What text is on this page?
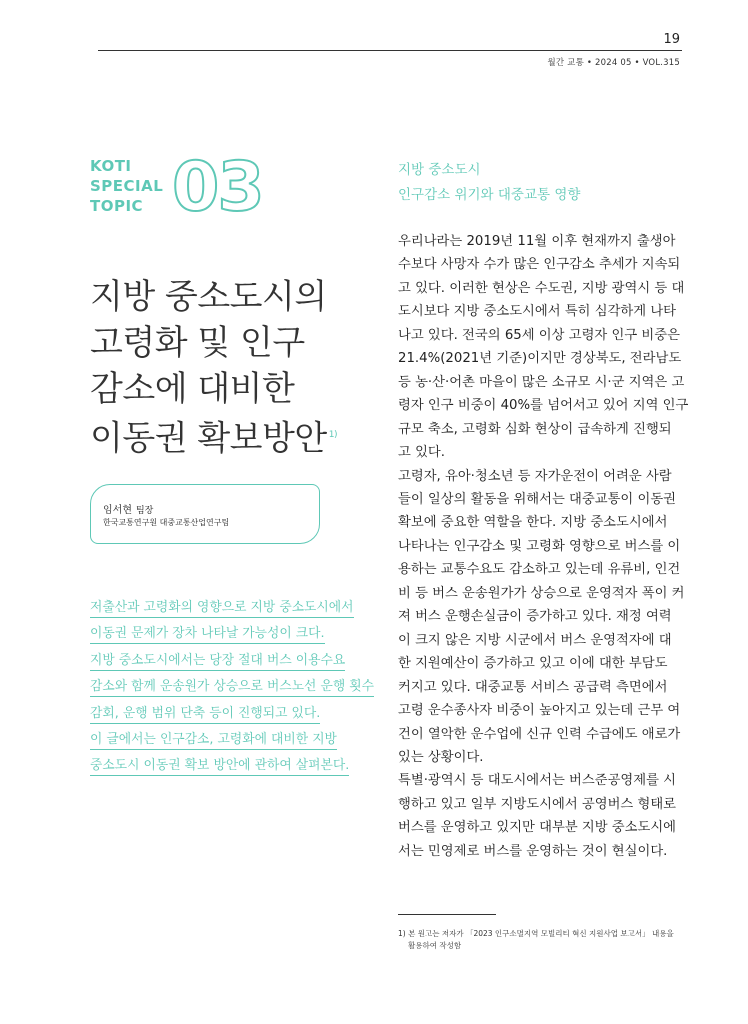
19
월간 교통 • 2024 05 • VOL.315
KOTI
SPECIAL
TOPIC 03
지방 중소도시의
고령화 및 인구
감소에 대비한
이동권 확보방안 $^{1)}$
임서현 팀장
한국교통연구원 대중교통산업연구팀
저출산과 고령화의 영향으로 지방 중소도시에서
이동권 문제가 장차 나타날 가능성이 크다.
지방 중소도시에서는 당장 절대 버스 이용수요
감소와 함께 운송원가 상승으로 버스노선 운행 횟수
감회, 운행 범위 단축 등이 진행되고 있다.
이 글에서는 인구감소, 고령화에 대비한 지방
중소도시 이동권 확보 방안에 관하여 살펴본다.
지방 중소도시
인구감소 위기와 대중교통 영향
우리나라는 2019년 11월 이후 현재까지 출생아
수보다 사망자 수가 많은 인구감소 추세가 지속되
고 있다. 이러한 현상은 수도권, 지방 광역시 등 대
도시보다 지방 중소도시에서 특히 심각하게 나타
나고 있다. 전국의 65세 이상 고령자 인구 비중은
21.4%(2021년 기준)이지만 경상북도, 전라남도
등 농·산·어촌 마을이 많은 소규모 시·군 지역은 고
령자 인구 비중이 40%를 넘어서고 있어 지역 인구
규모 축소, 고령화 심화 현상이 급속하게 진행되
고 있다.
고령자, 유아·청소년 등 자가운전이 어려운 사람
들이 일상의 활동을 위해서는 대중교통이 이동권
확보에 중요한 역할을 한다. 지방 중소도시에서
나타나는 인구감소 및 고령화 영향으로 버스를 이
용하는 교통수요도 감소하고 있는데 유류비, 인건
비 등 버스 운송원가가 상승으로 운영적자 폭이 커
져 버스 운행손실금이 증가하고 있다. 재정 여력
이 크지 않은 지방 시군에서 버스 운영적자에 대
한 지원예산이 증가하고 있고 이에 대한 부담도
커지고 있다. 대중교통 서비스 공급력 측면에서
고령 운수종사자 비중이 높아지고 있는데 근무 여
건이 열악한 운수업에 신규 인력 수급에도 애로가
있는 상황이다.
특별·광역시 등 대도시에서는 버스준공영제를 시
행하고 있고 일부 지방도시에서 공영버스 형태로
버스를 운영하고 있지만 대부분 지방 중소도시에
서는 민영제로 버스를 운영하는 것이 현실이다.
1) 본 원고는 저자가 「2023 인구소멸지역 모빌리티 혁신 지원사업 보고서」 내용을
활용하여 작성함
